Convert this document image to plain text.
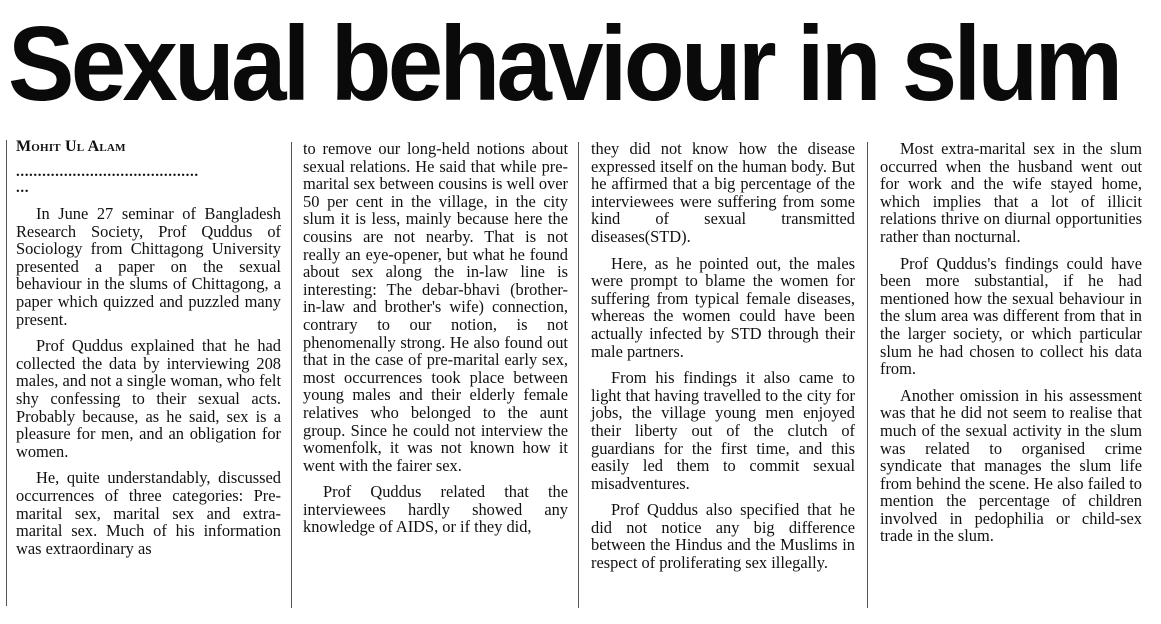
Sexual behaviour in slum

Mohit Ul Alam

..........................................

...

In June 27 seminar of Bangladesh Research Society, Prof Quddus of Sociology from Chittagong University presented a paper on the sexual behaviour in the slums of Chittagong, a paper which quizzed and puzzled many present.

Prof Quddus explained that he had collected the data by interviewing 208 males, and not a single woman, who felt shy confessing to their sexual acts. Probably because, as he said, sex is a pleasure for men, and an obligation for women.

He, quite understandably, discussed occurrences of three categories: Pre-marital sex, marital sex and extra-marital sex. Much of his information was extraordinary as

to remove our long-held notions about sexual relations. He said that while pre-marital sex between cousins is well over 50 per cent in the village, in the city slum it is less, mainly because here the cousins are not nearby. That is not really an eye-opener, but what he found about sex along the in-law line is interesting: The debar-bhavi (brother-in-law and brother's wife) connection, contrary to our notion, is not phenomenally strong. He also found out that in the case of pre-marital early sex, most occurrences took place between young males and their elderly female relatives who belonged to the aunt group. Since he could not interview the womenfolk, it was not known how it went with the fairer sex.

Prof Quddus related that the interviewees hardly showed any knowledge of AIDS, or if they did,

they did not know how the disease expressed itself on the human body. But he affirmed that a big percentage of the interviewees were suffering from some kind of sexual transmitted diseases(STD).

Here, as he pointed out, the males were prompt to blame the women for suffering from typical female diseases, whereas the women could have been actually infected by STD through their male partners.

From his findings it also came to light that having travelled to the city for jobs, the village young men enjoyed their liberty out of the clutch of guardians for the first time, and this easily led them to commit sexual misadventures.

Prof Quddus also specified that he did not notice any big difference between the Hindus and the Muslims in respect of proliferating sex illegally.

Most extra-marital sex in the slum occurred when the husband went out for work and the wife stayed home, which implies that a lot of illicit relations thrive on diurnal opportunities rather than nocturnal.

Prof Quddus's findings could have been more substantial, if he had mentioned how the sexual behaviour in the slum area was different from that in the larger society, or which particular slum he had chosen to collect his data from.

Another omission in his assessment was that he did not seem to realise that much of the sexual activity in the slum was related to organised crime syndicate that manages the slum life from behind the scene. He also failed to mention the percentage of children involved in pedophilia or child-sex trade in the slum.
